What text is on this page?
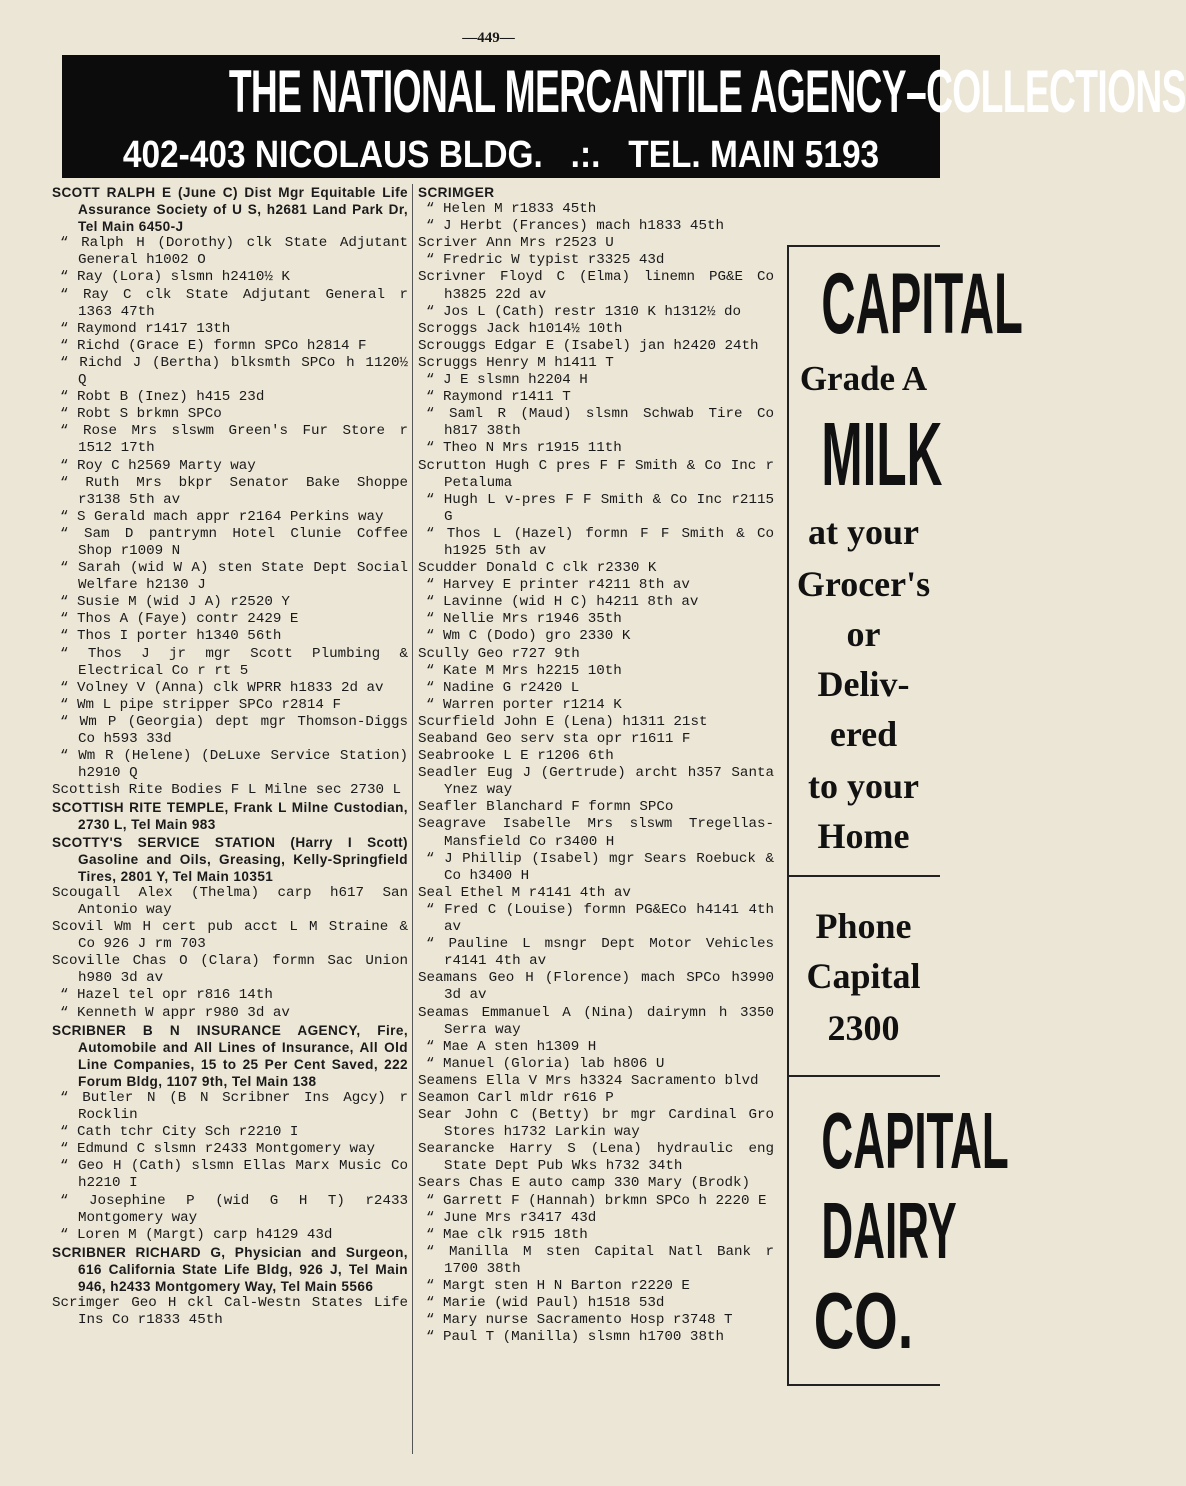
—449—
THE NATIONAL MERCANTILE AGENCY–COLLECTIONS
402-403 NICOLAUS BLDG.   .:.   TEL. MAIN 5193
SCOTT RALPH E (June C) Dist Mgr Equitable Life Assurance Society of U S, h2681 Land Park Dr, Tel Main 6450-J
“ Ralph H (Dorothy) clk State Adjutant General h1002 O
“ Ray (Lora) slsmn h2410½ K
“ Ray C clk State Adjutant General r 1363 47th
“ Raymond r1417 13th
“ Richd (Grace E) formn SPCo h2814 F
“ Richd J (Bertha) blksmth SPCo h 1120½ Q
“ Robt B (Inez) h415 23d
“ Robt S brkmn SPCo
“ Rose Mrs slswm Green's Fur Store r 1512 17th
“ Roy C h2569 Marty way
“ Ruth Mrs bkpr Senator Bake Shoppe r3138 5th av
“ S Gerald mach appr r2164 Perkins way
“ Sam D pantrymn Hotel Clunie Coffee Shop r1009 N
“ Sarah (wid W A) sten State Dept Social Welfare h2130 J
“ Susie M (wid J A) r2520 Y
“ Thos A (Faye) contr 2429 E
“ Thos I porter h1340 56th
“ Thos J jr mgr Scott Plumbing & Electrical Co r rt 5
“ Volney V (Anna) clk WPRR h1833 2d av
“ Wm L pipe stripper SPCo r2814 F
“ Wm P (Georgia) dept mgr Thomson-Diggs Co h593 33d
“ Wm R (Helene) (DeLuxe Service Station) h2910 Q
Scottish Rite Bodies F L Milne sec 2730 L
SCOTTISH RITE TEMPLE, Frank L Milne Custodian, 2730 L, Tel Main 983
SCOTTY'S SERVICE STATION (Harry I Scott) Gasoline and Oils, Greasing, Kelly-Springfield Tires, 2801 Y, Tel Main 10351
Scougall Alex (Thelma) carp h617 San Antonio way
Scovil Wm H cert pub acct L M Straine & Co 926 J rm 703
Scoville Chas O (Clara) formn Sac Union h980 3d av
“ Hazel tel opr r816 14th
“ Kenneth W appr r980 3d av
SCRIBNER B N INSURANCE AGENCY, Fire, Automobile and All Lines of Insurance, All Old Line Companies, 15 to 25 Per Cent Saved, 222 Forum Bldg, 1107 9th, Tel Main 138
“ Butler N (B N Scribner Ins Agcy) r Rocklin
“ Cath tchr City Sch r2210 I
“ Edmund C slsmn r2433 Montgomery way
“ Geo H (Cath) slsmn Ellas Marx Music Co h2210 I
“ Josephine P (wid G H T) r2433 Montgomery way
“ Loren M (Margt) carp h4129 43d
SCRIBNER RICHARD G, Physician and Surgeon, 616 California State Life Bldg, 926 J, Tel Main 946, h2433 Montgomery Way, Tel Main 5566
Scrimger Geo H ckl Cal-Westn States Life Ins Co r1833 45th
SCRIMGER
“ Helen M r1833 45th
“ J Herbt (Frances) mach h1833 45th
Scriver Ann Mrs r2523 U
“ Fredric W typist r3325 43d
Scrivner Floyd C (Elma) linemn PG&E Co h3825 22d av
“ Jos L (Cath) restr 1310 K h1312½ do
Scroggs Jack h1014½ 10th
Scrouggs Edgar E (Isabel) jan h2420 24th
Scruggs Henry M h1411 T
“ J E slsmn h2204 H
“ Raymond r1411 T
“ Saml R (Maud) slsmn Schwab Tire Co h817 38th
“ Theo N Mrs r1915 11th
Scrutton Hugh C pres F F Smith & Co Inc r Petaluma
“ Hugh L v-pres F F Smith & Co Inc r2115 G
“ Thos L (Hazel) formn F F Smith & Co h1925 5th av
Scudder Donald C clk r2330 K
“ Harvey E printer r4211 8th av
“ Lavinne (wid H C) h4211 8th av
“ Nellie Mrs r1946 35th
“ Wm C (Dodo) gro 2330 K
Scully Geo r727 9th
“ Kate M Mrs h2215 10th
“ Nadine G r2420 L
“ Warren porter r1214 K
Scurfield John E (Lena) h1311 21st
Seaband Geo serv sta opr r1611 F
Seabrooke L E r1206 6th
Seadler Eug J (Gertrude) archt h357 Santa Ynez way
Seafler Blanchard F formn SPCo
Seagrave Isabelle Mrs slswm Tregellas-Mansfield Co r3400 H
“ J Phillip (Isabel) mgr Sears Roebuck & Co h3400 H
Seal Ethel M r4141 4th av
“ Fred C (Louise) formn PG&ECo h4141 4th av
“ Pauline L msngr Dept Motor Vehicles r4141 4th av
Seamans Geo H (Florence) mach SPCo h3990 3d av
Seamas Emmanuel A (Nina) dairymn h 3350 Serra way
“ Mae A sten h1309 H
“ Manuel (Gloria) lab h806 U
Seamens Ella V Mrs h3324 Sacramento blvd
Seamon Carl mldr r616 P
Sear John C (Betty) br mgr Cardinal Gro Stores h1732 Larkin way
Searancke Harry S (Lena) hydraulic eng State Dept Pub Wks h732 34th
Sears Chas E auto camp 330 Mary (Brodk)
“ Garrett F (Hannah) brkmn SPCo h 2220 E
“ June Mrs r3417 43d
“ Mae clk r915 18th
“ Manilla M sten Capital Natl Bank r 1700 38th
“ Margt sten H N Barton r2220 E
“ Marie (wid Paul) h1518 53d
“ Mary nurse Sacramento Hosp r3748 T
“ Paul T (Manilla) slsmn h1700 38th
CAPITAL
Grade A
MILK
at your
Grocer's
or
Deliv-
ered
to your
Home
Phone
Capital
2300
CAPITAL
DAIRY
CO.
